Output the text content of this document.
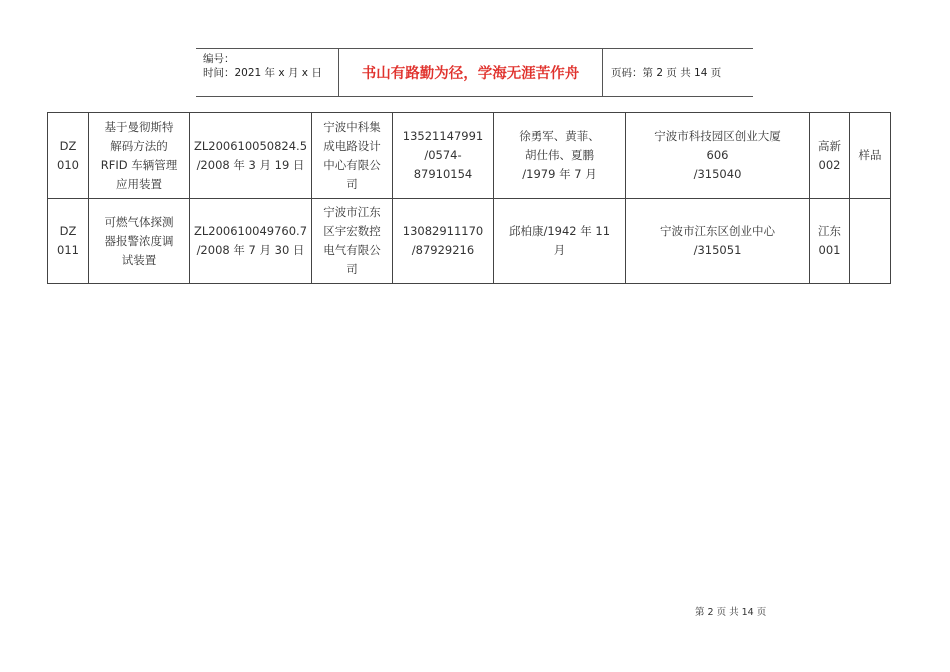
编号：
时间：2021 年 x 月 x 日	书山有路勤为径，学海无涯苦作舟	页码：第 2 页 共 14 页
DZ
010	基于曼彻斯特
解码方法的
RFID 车辆管理
应用装置	ZL200610050824.5
/2008 年 3 月 19 日	宁波中科集
成电路设计
中心有限公
司	13521147991
/0574-
87910154	徐勇军、黄菲、
胡仕伟、夏鹏
/1979 年 7 月	宁波市科技园区创业大厦
606
/315040	高新
002	样品

DZ
011	可燃气体探测
器报警浓度调
试装置	ZL200610049760.7
/2008 年 7 月 30 日	宁波市江东
区宇宏数控
电气有限公
司	13082911170
/87929216	邱柏康/1942 年 11
月	宁波市江东区创业中心
/315051	江东
001	

第 2 页 共 14 页
